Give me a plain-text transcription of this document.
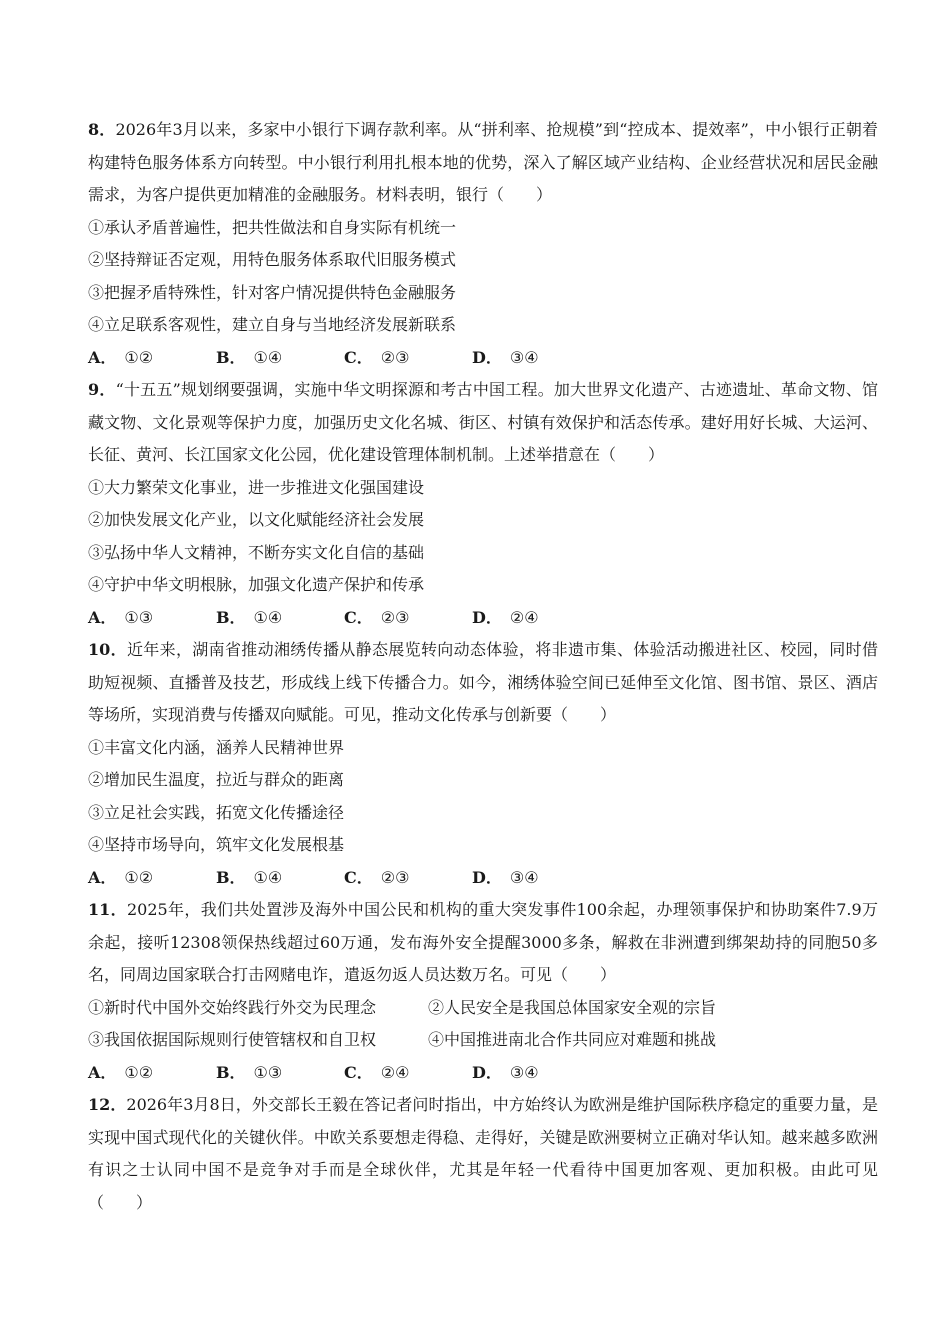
8．2026年3月以来，多家中小银行下调存款利率。从“拼利率、抢规模”到“控成本、提效率”，中小银行正朝着构建特色服务体系方向转型。中小银行利用扎根本地的优势，深入了解区域产业结构、企业经营状况和居民金融需求，为客户提供更加精准的金融服务。材料表明，银行（　　）

①承认矛盾普遍性，把共性做法和自身实际有机统一

②坚持辩证否定观，用特色服务体系取代旧服务模式

③把握矛盾特殊性，针对客户情况提供特色金融服务

④立足联系客观性，建立自身与当地经济发展新联系

A． ①②	B． ①④	C． ②③	D． ③④

9．“十五五”规划纲要强调，实施中华文明探源和考古中国工程。加大世界文化遗产、古迹遗址、革命文物、馆藏文物、文化景观等保护力度，加强历史文化名城、街区、村镇有效保护和活态传承。建好用好长城、大运河、长征、黄河、长江国家文化公园，优化建设管理体制机制。上述举措意在（　　）

①大力繁荣文化事业，进一步推进文化强国建设

②加快发展文化产业，以文化赋能经济社会发展

③弘扬中华人文精神，不断夯实文化自信的基础

④守护中华文明根脉，加强文化遗产保护和传承

A． ①③	B． ①④	C． ②③	D． ②④

10．近年来，湖南省推动湘绣传播从静态展览转向动态体验，将非遗市集、体验活动搬进社区、校园，同时借助短视频、直播普及技艺，形成线上线下传播合力。如今，湘绣体验空间已延伸至文化馆、图书馆、景区、酒店等场所，实现消费与传播双向赋能。可见，推动文化传承与创新要（　　）

①丰富文化内涵，涵养人民精神世界

②增加民生温度，拉近与群众的距离

③立足社会实践，拓宽文化传播途径

④坚持市场导向，筑牢文化发展根基

A． ①②	B． ①④	C． ②③	D． ③④

11．2025年，我们共处置涉及海外中国公民和机构的重大突发事件100余起，办理领事保护和协助案件7.9万余起，接听12308领保热线超过60万通，发布海外安全提醒3000多条，解救在非洲遭到绑架劫持的同胞50多名，同周边国家联合打击网赌电诈，遣返勿返人员达数万名。可见（　　）

①新时代中国外交始终践行外交为民理念	②人民安全是我国总体国家安全观的宗旨

③我国依据国际规则行使管辖权和自卫权	④中国推进南北合作共同应对难题和挑战

A． ①②	B． ①③	C． ②④	D． ③④

12．2026年3月8日，外交部长王毅在答记者问时指出，中方始终认为欧洲是维护国际秩序稳定的重要力量，是实现中国式现代化的关键伙伴。中欧关系要想走得稳、走得好，关键是欧洲要树立正确对华认知。越来越多欧洲有识之士认同中国不是竞争对手而是全球伙伴，尤其是年轻一代看待中国更加客观、更加积极。由此可见（　　）
